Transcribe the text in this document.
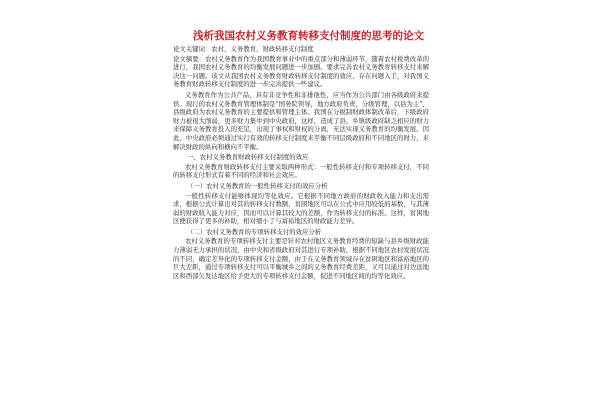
浅析我国农村义务教育转移支付制度的思考的论文
论文关键词：农村，义务教育，财政转移支付制度
论文摘要：农村义务教育作为我国教育事业中的重点部分和薄弱环节，随着农村税费改革的进行，我国农村义务教育的均衡发展问题进一步加剧。要求完善农村义务教育转移支付来解决这一问题。该文从我国农村义务教育财政转移支付制度的效应、存在问题入手，对我国义务教育财政转移支付制度的进一步完善提供一些建议。
义务教育作为公共产品，具有非竞争性和非排他性，应当作为公共部门由各级政府来提供。现行的农村义务教育管理体制是“国务院领导，地方政府负责，分级管理，以县为主”，县级政府为农村义务教育的主要提供和管理主体。我国在分税制财政体制改革后，下级政府财力被很大削弱，更多财力集中到中央政府，这样，造成了县、乡镇级政府缺乏相应的财力来保障义务教育投入的充足，出现了事权和财权的分离，无法实现义务教育的均衡发展。因此，中央政府必须通过实行有效的转移支付制度来平衡不同层级政府和不同地区的财力，来解决财政的纵向和横向不平衡。
一、农村义务教育财政转移支付制度的效应
农村义务教育财政转移支付主要采取两种形式：一般性转移支付和专项转移支付，不同的转移支付形式有着不同的经济和社会效应。
（一）农村义务教育的一般性转移支付的效应分析
一般性转移支付能够体现均等化效应。它根据不同地方政府的财政收入能力和支出需求，根据公式计算出对其的转移支付数额，贫困地区可以在公式中应用较低的基数，与其薄弱的财政收入能力对应，因而可以计算其较大的差额，作为转移支付的标准。这样，贫困地区便获得了更多的补助，相对缩小了与富裕地区的财政能力差异。
（二）农村义务教育的专项转移支付的效应分析
农村义务教育的专项转移支付主要是针对农村地区义务教育经费的短缺与县乡级财政能力薄弱无力承担的状况，由中央和省级政府对其进行专项补助，根据不同地区农村发展状况的不同，确定差异化的专项转移支付金额，由于在义务教育领域存在贫困地区和富裕地区的巨大差距，通过专项转移支付可以平衡城乡之间的义务教育经费差距，又可以通过对边远地区和西部欠发达地区给予更大的专项转移支付金额，促进不同地区间的均等化效应。
